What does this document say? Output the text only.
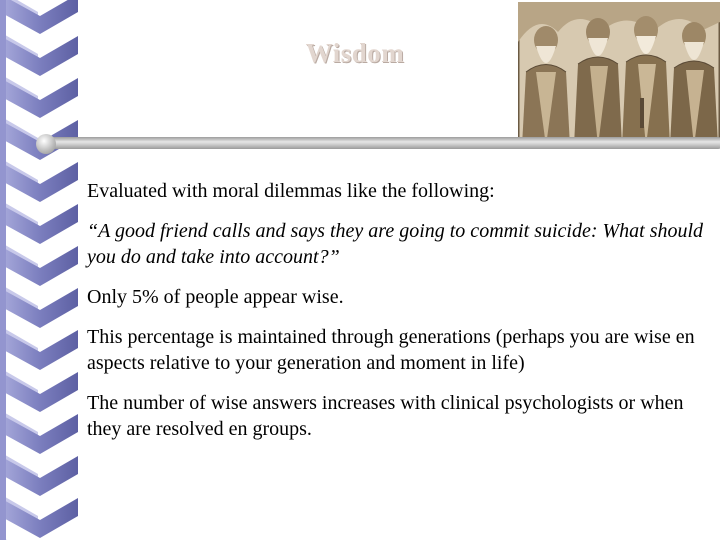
Wisdom

Evaluated with moral dilemmas like the following:

“A good friend calls and says they are going to commit suicide: What should you do and take into account?”

Only 5% of people appear wise.

This percentage is maintained through generations (perhaps you are wise en aspects relative to your generation and moment in life)

The number of wise answers increases with clinical psychologists or when they are resolved en groups.
